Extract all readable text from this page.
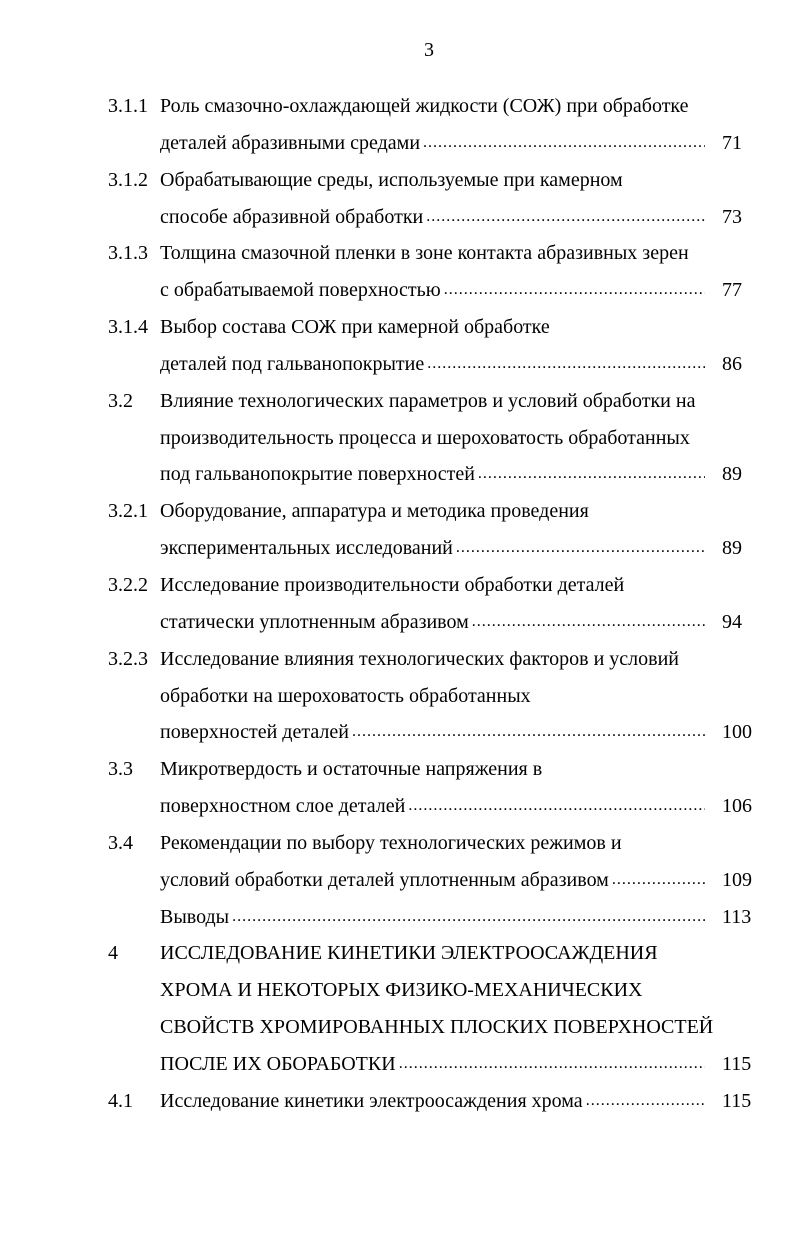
3
3.1.1 Роль смазочно-охлаждающей жидкости (СОЖ) при обработке
деталей абразивными средами .....	71
3.1.2 Обрабатывающие среды, используемые при камерном
способе абразивной обработки .....	73
3.1.3 Толщина смазочной пленки в зоне контакта абразивных зерен
с обрабатываемой поверхностью .....	77
3.1.4 Выбор состава СОЖ при камерной обработке
деталей под гальванопокрытие .....	86
3.2 Влияние технологических параметров и условий обработки на
производительность процесса и шероховатость обработанных
под гальванопокрытие поверхностей .....	89
3.2.1 Оборудование, аппаратура и методика проведения
экспериментальных исследований .....	89
3.2.2 Исследование производительности обработки деталей
статически уплотненным абразивом .....	94
3.2.3 Исследование влияния технологических факторов и условий
обработки на шероховатость обработанных
поверхностей деталей .....	100
3.3 Микротвердость и остаточные напряжения в
поверхностном слое деталей .....	106
3.4 Рекомендации по выбору технологических режимов и
условий обработки деталей уплотненным абразивом .....	109
Выводы .....	113
4 ИССЛЕДОВАНИЕ КИНЕТИКИ ЭЛЕКТРООСАЖДЕНИЯ
ХРОМА И НЕКОТОРЫХ ФИЗИКО-МЕХАНИЧЕСКИХ
СВОЙСТВ ХРОМИРОВАННЫХ ПЛОСКИХ ПОВЕРХНОСТЕЙ
ПОСЛЕ ИХ ОБОРАБОТКИ .....	115
4.1 Исследование кинетики электроосаждения хрома .....	115
